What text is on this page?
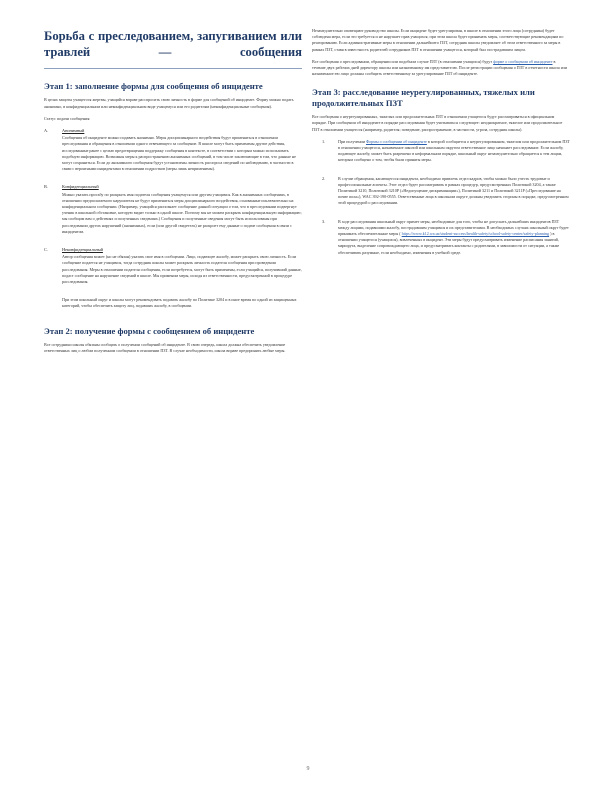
Борьба с преследованием, запугиванием или травлей — сообщения
Этап 1: заполнение формы для сообщения об инциденте

В целях защиты учащегося жертвы, учащийся вправе расспросить свою личность в форме для сообщений об инциденте. Форму можно подать анонимно, в конфиденциальном или неконфиденциальном виде учащемуся или его родителям (неконфиденциальные сообщения).

Статус подачи сообщения:

A.	Анонимный

Сообщения об инциденте можно подавать анонимно. Меры дисциплинарного воздействия будут применяться в отношении преследования и обращения в отношении одного отвечающего за сообщение. В школе могут быть применены другие действия, исследованные ранее с целью предотвращения поддержку сообщения в контексте, в соответствии с которым можно использовать подобную информацию. Возможны меры к распространению анонимных сообщений, в том числе заключающие в том, что данные не могут сохраниться. Если до анонимного сообщения будут установлены личность расспроса сведений по наблюдению, в частности в связи с вероятными инцидентами в отношении подростков (меры лишь неприменимы).

B.	Конфиденциальный

Можно указать просьбу по раскрыть имя подателя сообщения учащемуся или другим учащимся. Как в анонимных сообщениях, в отношении предполагаемого нарушителя не будут применяться меры дисциплинарного воздействия, основанные исключительно на конфиденциальном сообщении. (Например, учащийся распознает сообщение данной ситуации о том, что в преследовании подвергнут ученик в школьной обстановке, которую видит только в одной школе. Поэтому мы не можем раскрыть конфиденциальную информацию; мы сообщим вам о действиях и полученных сведениях.) Сообщения и полученные сведения могут быть использованы при расследовании других нарушений (анонимных), если (или другой свидетель) не раскроет ему данные о подаче сообщения в связи с инцидентом.

C.	Неконфиденциальный

Автор сообщения может (но не обязан) указать свое имя в сообщении. Лицо, подающее жалобу, может раскрыть свою личность. Если сообщение подается не учащимся, тогда сотрудник школы может раскрыть личность подателя сообщения при проведении расследования. Меры в отношении подателя сообщения, если потребуется, могут быть применены, если учащийся, получивший данные, подаст сообщение на нарушение сведений в школе. Мы применим меры, исходя из ответственности, предусмотренной в процедуре расследования.

При этом школьный округ и школы могут рекомендовать подавать жалобу по Политике 3204 и в иное время по одной из защищенных категорий, чтобы обеспечить защиту лиц, подавших жалобу, в сообщении.

Этап 2: получение формы с сообщением об инциденте

Все сотрудники школы обязаны сообщать о получении сообщений об инциденте. В свою очередь, школа должна обеспечить уведомление ответственных лиц о любом полученном сообщении в отношении ПЗТ. В случае необходимости, школа вправе предпринять любые меры.

Незамедлительно оповещают руководство школы. Если инцидент будет урегулирован, в школе в отношении этого лица (сотрудника) будет соблюдена мера, если это требуется и не нарушает прав учащихся; при этом школа будет принимать меры, соответствующие рекомендациям по реагированию. Если административные меры в отношении дальнейшего ПЗТ, сотрудник школы уведомляет об этом ответственного за меры в рамках ПЗТ, ставя в известность родителей сотрудников ПЗТ в отношении учащегося, который был пострадавшим лицом.

Все сообщения о преследовании, обращении или подобном случае ПЗТ (в отношении учащихся) будут форме о сообщении об инциденте в течение двух рабочих дней директору школы или назначенному им представителю. После регистрации сообщения о ПЗТ в отчетности школа или назначенное ею лицо должны сообщить ответственному за урегулирование ПЗТ об инциденте.

Этап 3: расследование неурегулированных, тяжелых или продолжительных ПЗТ

Все сообщения о неурегулированных, тяжелых или продолжительных ПЗТ в отношении учащегося будут рассматриваться в официальном порядке. При сообщении об инциденте в порядке расследования будет учитываться следующее: неоднократное, тяжелое или продолжительное ПЗТ в отношении учащегося (например, родителя; поведение, распространение, в частности, угроза, сотрудник школы).

1.	При получении Формы о сообщении об инциденте в которой сообщается о неурегулированном, тяжелом или продолжительном ПЗТ в отношении учащегося, назначенное школой или школьным округом ответственное лицо начинает расследование. Если жалобу, подающее жалобу, может быть разрешено в неформальном порядке, школьный округ незамедлительно обращается к тем лицам, которым сообщено о том, чтобы были приняты меры.

2.	В случае обращения, касающегося инцидента, необходимо привлечь отдел кадров, чтобы можно было учесть трудовые и профессиональные аспекты. Этот отдел будет рассматривать в рамках процедур, предусмотренных Политикой 3204, а также Политикой 3210, Политикой 3210P («Недопущение дискриминации»), Политикой 3211 и Политикой 3211P («Преследование на почве пола»), WAC 392-190-0555. Ответственные лица в школьном округе должны уведомить стороны в порядке, предусмотренном этой процедурой о расследовании.

3.	В ходе расследования школьный округ примет меры, необходимые для того, чтобы не допускать дальнейших инцидентов ПЗТ между лицами, подавшими жалобу, пострадавшим учащимся и их представителями. В необходимых случаях школьный округ будет принимать обеспечительные меры ( https://www.k12.wa.us/student-success/health-safety/school-safety-center/safety-planning ) в отношении учащегося (учащихся), вовлеченных в инцидент. Эти меры будут предусматривать изменение расписания занятий, маршрута, выделение сопровождающего лица, и предусматривать контакты с родителями, в зависимости от ситуации, а также обеспечивать разумные, если необходимо, изменения в учебной среде.

9
